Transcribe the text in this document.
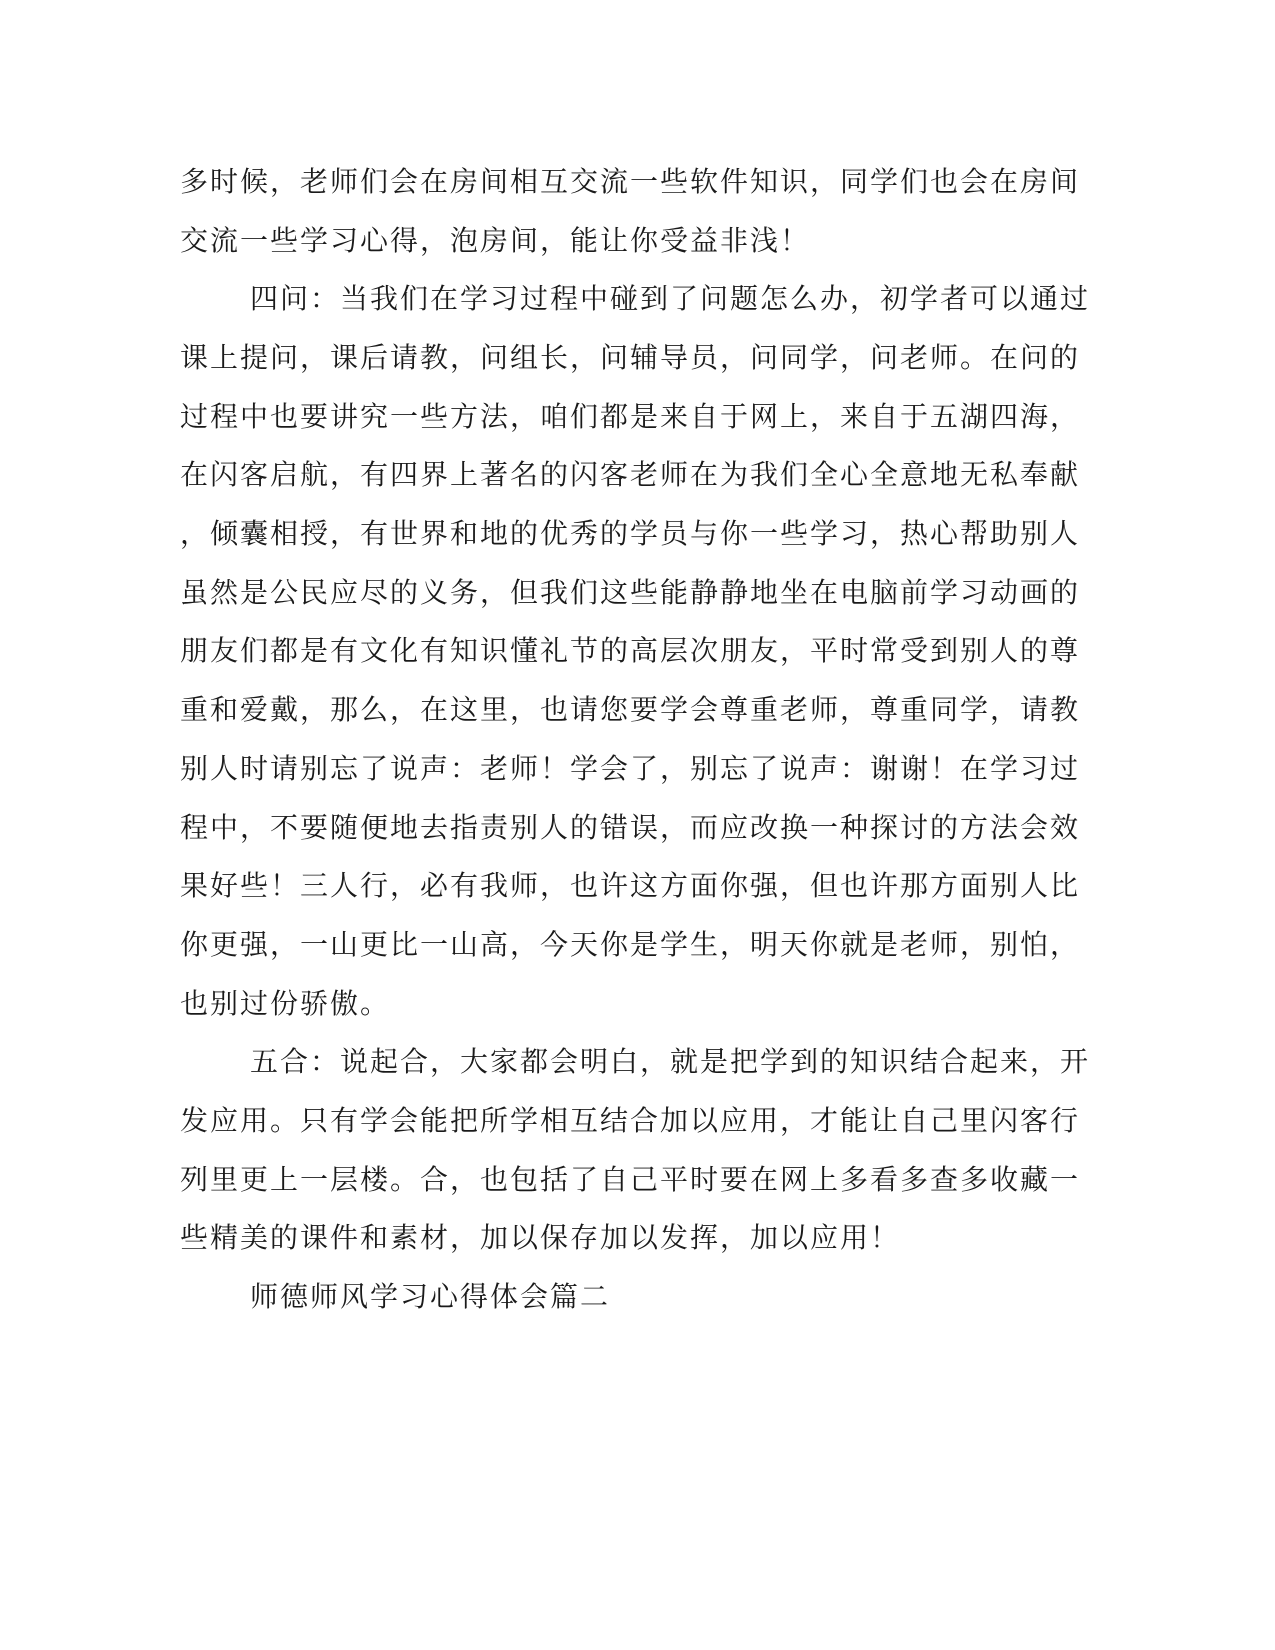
多时候，老师们会在房间相互交流一些软件知识，同学们也会在房间
交流一些学习心得，泡房间，能让你受益非浅！
四问：当我们在学习过程中碰到了问题怎么办，初学者可以通过
课上提问，课后请教，问组长，问辅导员，问同学，问老师。在问的
过程中也要讲究一些方法，咱们都是来自于网上，来自于五湖四海，
在闪客启航，有四界上著名的闪客老师在为我们全心全意地无私奉献
，倾囊相授，有世界和地的优秀的学员与你一些学习，热心帮助别人
虽然是公民应尽的义务，但我们这些能静静地坐在电脑前学习动画的
朋友们都是有文化有知识懂礼节的高层次朋友，平时常受到别人的尊
重和爱戴，那么，在这里，也请您要学会尊重老师，尊重同学，请教
别人时请别忘了说声：老师！学会了，别忘了说声：谢谢！在学习过
程中，不要随便地去指责别人的错误，而应改换一种探讨的方法会效
果好些！三人行，必有我师，也许这方面你强，但也许那方面别人比
你更强，一山更比一山高，今天你是学生，明天你就是老师，别怕，
也别过份骄傲。
五合：说起合，大家都会明白，就是把学到的知识结合起来，开
发应用。只有学会能把所学相互结合加以应用，才能让自己里闪客行
列里更上一层楼。合，也包括了自己平时要在网上多看多查多收藏一
些精美的课件和素材，加以保存加以发挥，加以应用！
师德师风学习心得体会篇二
